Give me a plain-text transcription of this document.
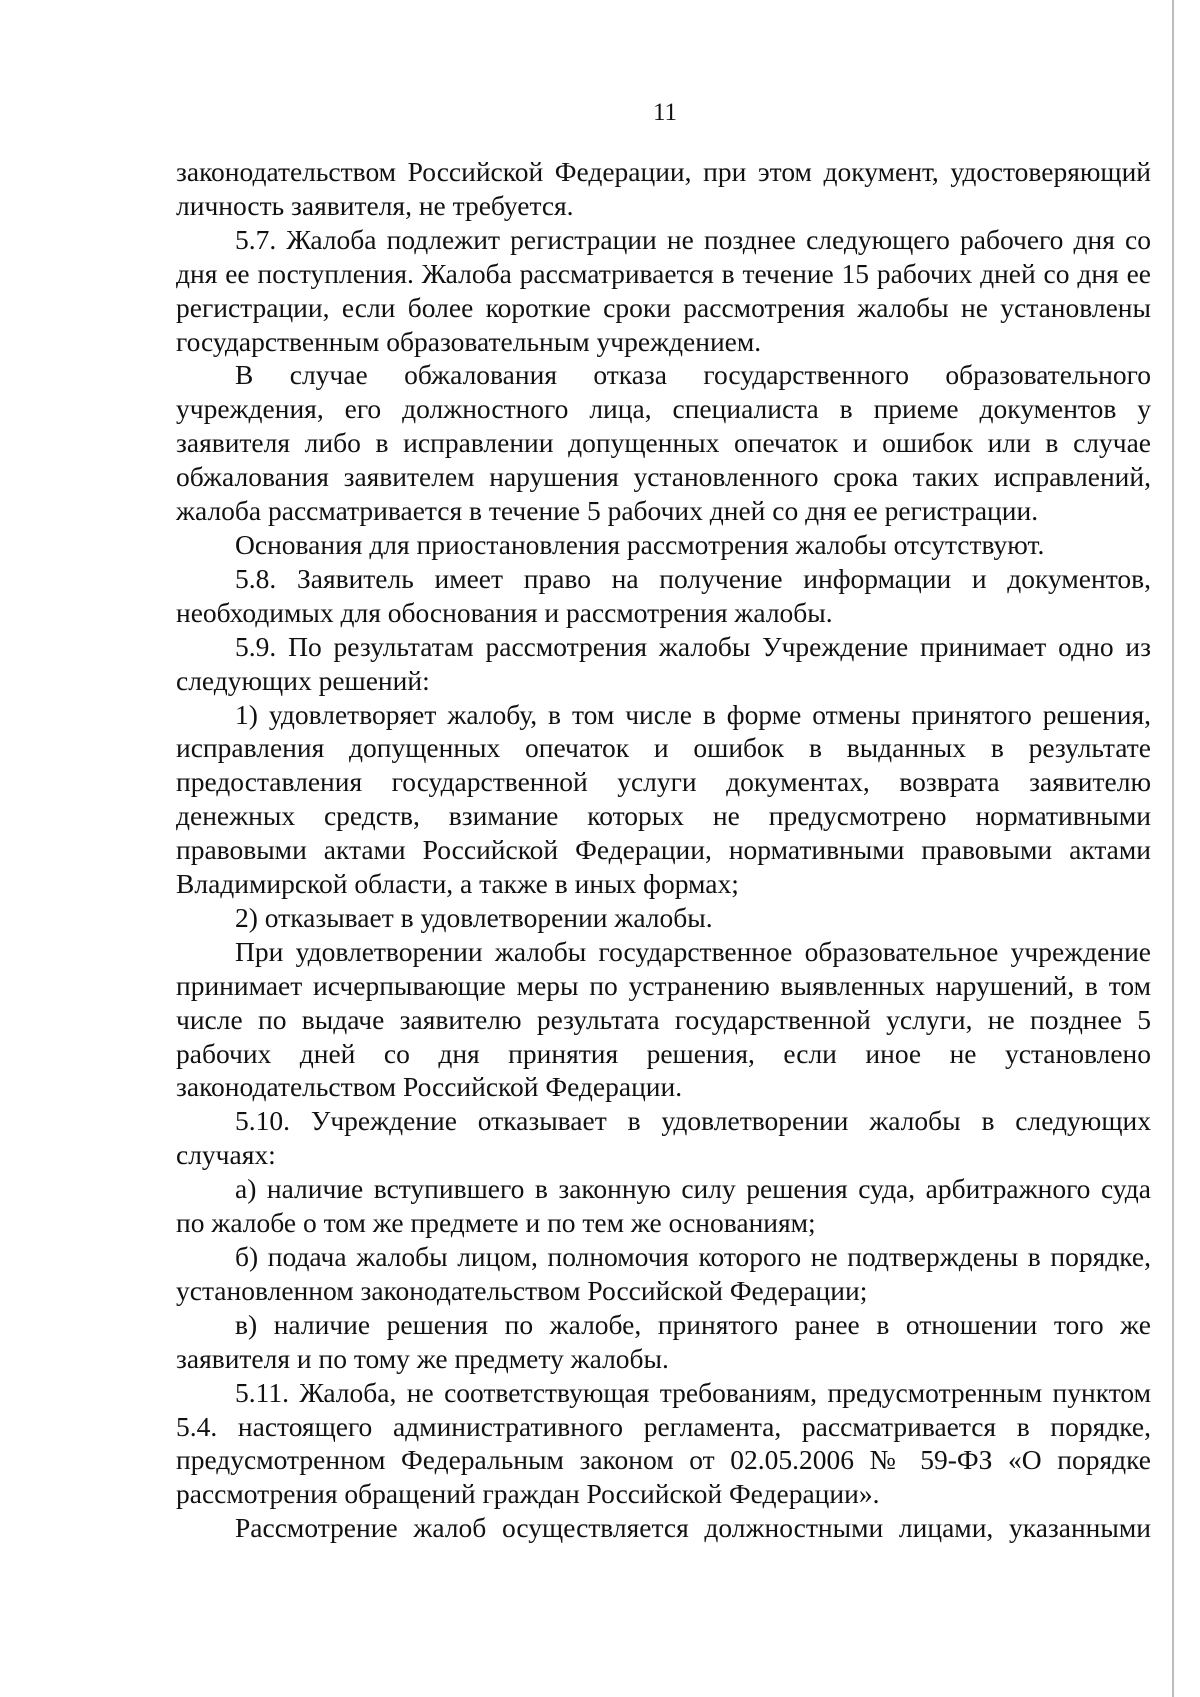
11

законодательством Российской Федерации, при этом документ, удостоверяющий личность заявителя, не требуется.

5.7. Жалоба подлежит регистрации не позднее следующего рабочего дня со дня ее поступления. Жалоба рассматривается в течение 15 рабочих дней со дня ее регистрации, если более короткие сроки рассмотрения жалобы не установлены государственным образовательным учреждением.

В случае обжалования отказа государственного образовательного учреждения, его должностного лица, специалиста в приеме документов у заявителя либо в исправлении допущенных опечаток и ошибок или в случае обжалования заявителем нарушения установленного срока таких исправлений, жалоба рассматривается в течение 5 рабочих дней со дня ее регистрации.

Основания для приостановления рассмотрения жалобы отсутствуют.

5.8. Заявитель имеет право на получение информации и документов, необходимых для обоснования и рассмотрения жалобы.

5.9. По результатам рассмотрения жалобы Учреждение принимает одно из следующих решений:

1) удовлетворяет жалобу, в том числе в форме отмены принятого решения, исправления допущенных опечаток и ошибок в выданных в результате предоставления государственной услуги документах, возврата заявителю денежных средств, взимание которых не предусмотрено нормативными правовыми актами Российской Федерации, нормативными правовыми актами Владимирской области, а также в иных формах;

2) отказывает в удовлетворении жалобы.

При удовлетворении жалобы государственное образовательное учреждение принимает исчерпывающие меры по устранению выявленных нарушений, в том числе по выдаче заявителю результата государственной услуги, не позднее 5 рабочих дней со дня принятия решения, если иное не установлено законодательством Российской Федерации.

5.10. Учреждение отказывает в удовлетворении жалобы в следующих случаях:

а) наличие вступившего в законную силу решения суда, арбитражного суда по жалобе о том же предмете и по тем же основаниям;

б) подача жалобы лицом, полномочия которого не подтверждены в порядке, установленном законодательством Российской Федерации;

в) наличие решения по жалобе, принятого ранее в отношении того же заявителя и по тому же предмету жалобы.

5.11. Жалоба, не соответствующая требованиям, предусмотренным пунктом 5.4. настоящего административного регламента, рассматривается в порядке, предусмотренном Федеральным законом от 02.05.2006 № 59-ФЗ «О порядке рассмотрения обращений граждан Российской Федерации».

Рассмотрение жалоб осуществляется должностными лицами, указанными
